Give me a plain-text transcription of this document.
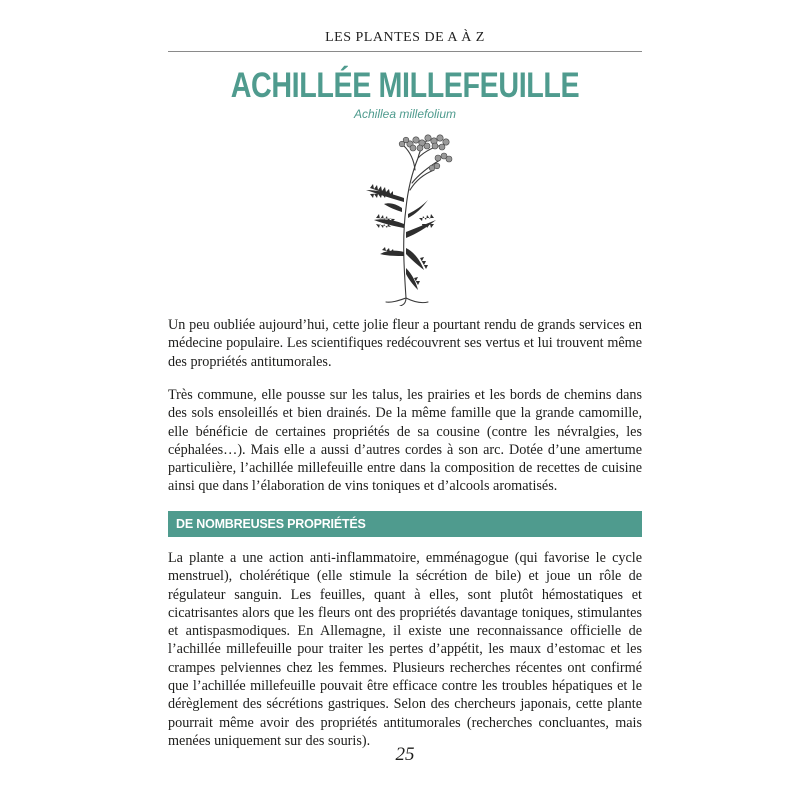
LES PLANTES DE A À Z
ACHILLÉE MILLEFEUILLE
Achillea millefolium

Un peu oubliée aujourd’hui, cette jolie fleur a pourtant rendu de grands services en médecine populaire. Les scientifiques redécouvrent ses vertus et lui trouvent même des propriétés antitumorales.

Très commune, elle pousse sur les talus, les prairies et les bords de chemins dans des sols ensoleillés et bien drainés. De la même famille que la grande camomille, elle bénéficie de certaines propriétés de sa cousine (contre les névralgies, les céphalées…). Mais elle a aussi d’autres cordes à son arc. Dotée d’une amertume particulière, l’achillée millefeuille entre dans la composition de recettes de cuisine ainsi que dans l’élaboration de vins toniques et d’alcools aromatisés.

DE NOMBREUSES PROPRIÉTÉS

La plante a une action anti-inflammatoire, emménagogue (qui favorise le cycle menstruel), cholérétique (elle stimule la sécrétion de bile) et joue un rôle de régulateur sanguin. Les feuilles, quant à elles, sont plutôt hémostatiques et cicatrisantes alors que les fleurs ont des propriétés davantage toniques, stimulantes et antispasmodiques. En Allemagne, il existe une reconnaissance officielle de l’achillée millefeuille pour traiter les pertes d’appétit, les maux d’estomac et les crampes pelviennes chez les femmes. Plusieurs recherches récentes ont confirmé que l’achillée millefeuille pouvait être efficace contre les troubles hépatiques et le dérèglement des sécrétions gastriques. Selon des chercheurs japonais, cette plante pourrait même avoir des propriétés antitumorales (recherches concluantes, mais menées uniquement sur des souris).

25
